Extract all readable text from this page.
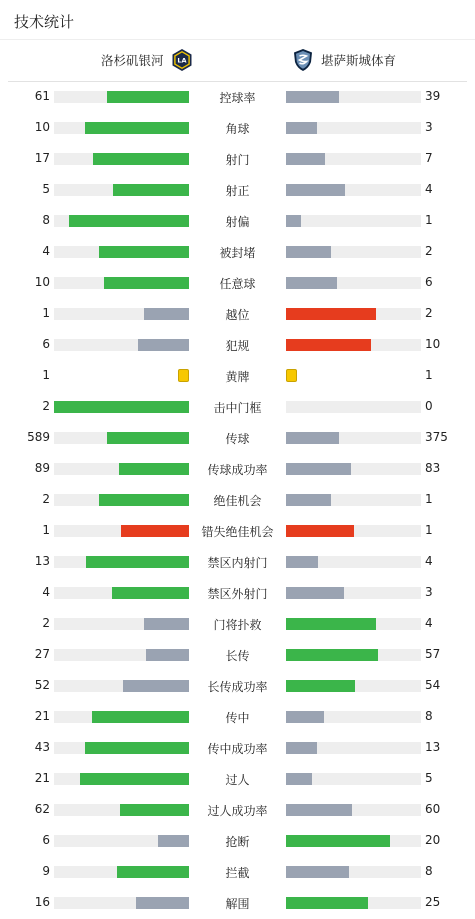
技术统计
洛杉矶银河 LA	堪萨斯城体育
61	控球率	39
10	角球	3
17	射门	7
5	射正	4
8	射偏	1
4	被封堵	2
10	任意球	6
1	越位	2
6	犯规	10
1	黄牌	1
2	击中门框	0
589	传球	375
89	传球成功率	83
2	绝佳机会	1
1	错失绝佳机会	1
13	禁区内射门	4
4	禁区外射门	3
2	门将扑救	4
27	长传	57
52	长传成功率	54
21	传中	8
43	传中成功率	13
21	过人	5
62	过人成功率	60
6	抢断	20
9	拦截	8
16	解围	25
